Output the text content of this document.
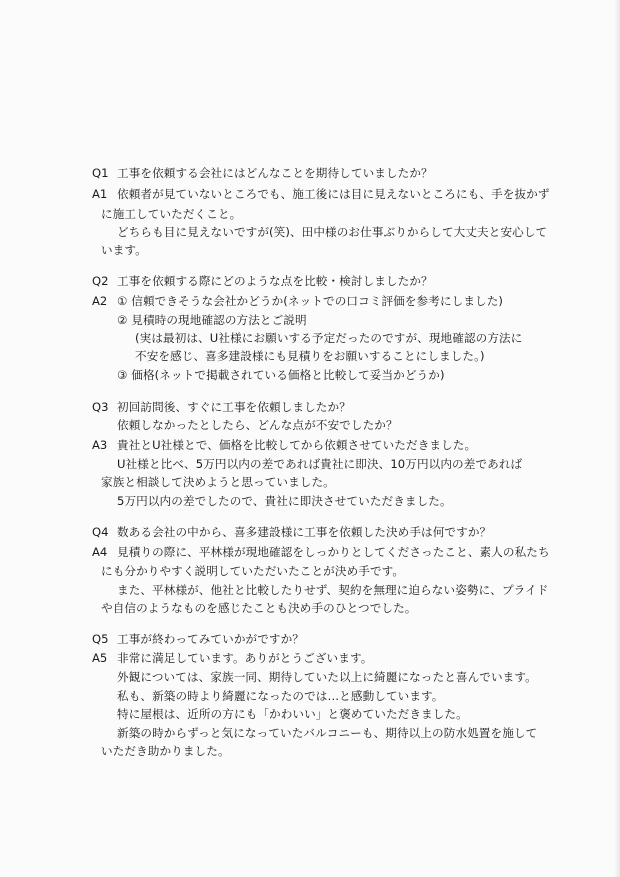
Q1 工事を依頼する会社にはどんなことを期待していましたか？
A1 依頼者が見ていないところでも、施工後には目に見えないところにも、手を抜かず
に施工していただくこと。
どちらも目に見えないですが(笑)、田中様のお仕事ぶりからして大丈夫と安心して
います。
Q2 工事を依頼する際にどのような点を比較・検討しましたか？
A2 ① 信頼できそうな会社かどうか(ネットでの口コミ評価を参考にしました)
② 見積時の現地確認の方法とご説明
(実は最初は、U社様にお願いする予定だったのですが、現地確認の方法に
不安を感じ、喜多建設様にも見積りをお願いすることにしました。)
③ 価格(ネットで掲載されている価格と比較して妥当かどうか)
Q3 初回訪問後、すぐに工事を依頼しましたか？
依頼しなかったとしたら、どんな点が不安でしたか？
A3 貴社とU社様とで、価格を比較してから依頼させていただきました。
U社様と比べ、5万円以内の差であれば貴社に即決、10万円以内の差であれば
家族と相談して決めようと思っていました。
5万円以内の差でしたので、貴社に即決させていただきました。
Q4 数ある会社の中から、喜多建設様に工事を依頼した決め手は何ですか？
A4 見積りの際に、平林様が現地確認をしっかりとしてくださったこと、素人の私たち
にも分かりやすく説明していただいたことが決め手です。
また、平林様が、他社と比較したりせず、契約を無理に迫らない姿勢に、プライド
や自信のようなものを感じたことも決め手のひとつでした。
Q5 工事が終わってみていかがですか？
A5 非常に満足しています。ありがとうございます。
外観については、家族一同、期待していた以上に綺麗になったと喜んでいます。
私も、新築の時より綺麗になったのでは…と感動しています。
特に屋根は、近所の方にも「かわいい」と褒めていただきました。
新築の時からずっと気になっていたバルコニーも、期待以上の防水処置を施して
いただき助かりました。
